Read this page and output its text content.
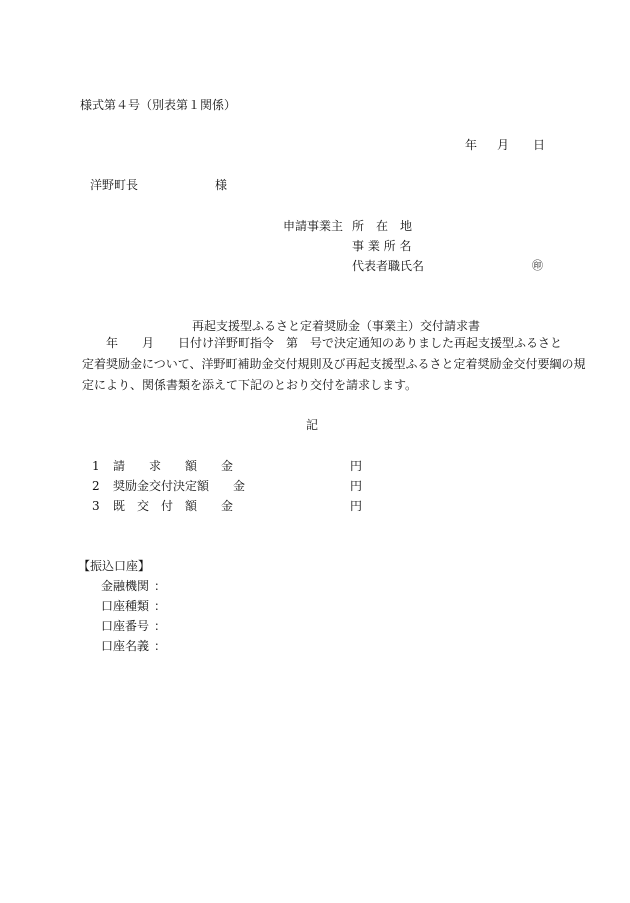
様式第４号（別表第１関係）
年 月 日
洋野町長	様
申請事業主 所　在　地
事 業 所 名
代表者職氏名	㊞
再起支援型ふるさと定着奨励金（事業主）交付請求書
　　年　　月　　日付け洋野町指令　第　号で決定通知のありました再起支援型ふるさと
定着奨励金について、洋野町補助金交付規則及び再起支援型ふるさと定着奨励金交付要綱の規
定により、関係書類を添えて下記のとおり交付を請求します。
記
1 請　　求　　額　　金	円
2 奨励金交付決定額　　金	円
3 既　交　付　額　　金	円
【振込口座】
金融機関 ：
口座種類 ：
口座番号 ：
口座名義 ：
